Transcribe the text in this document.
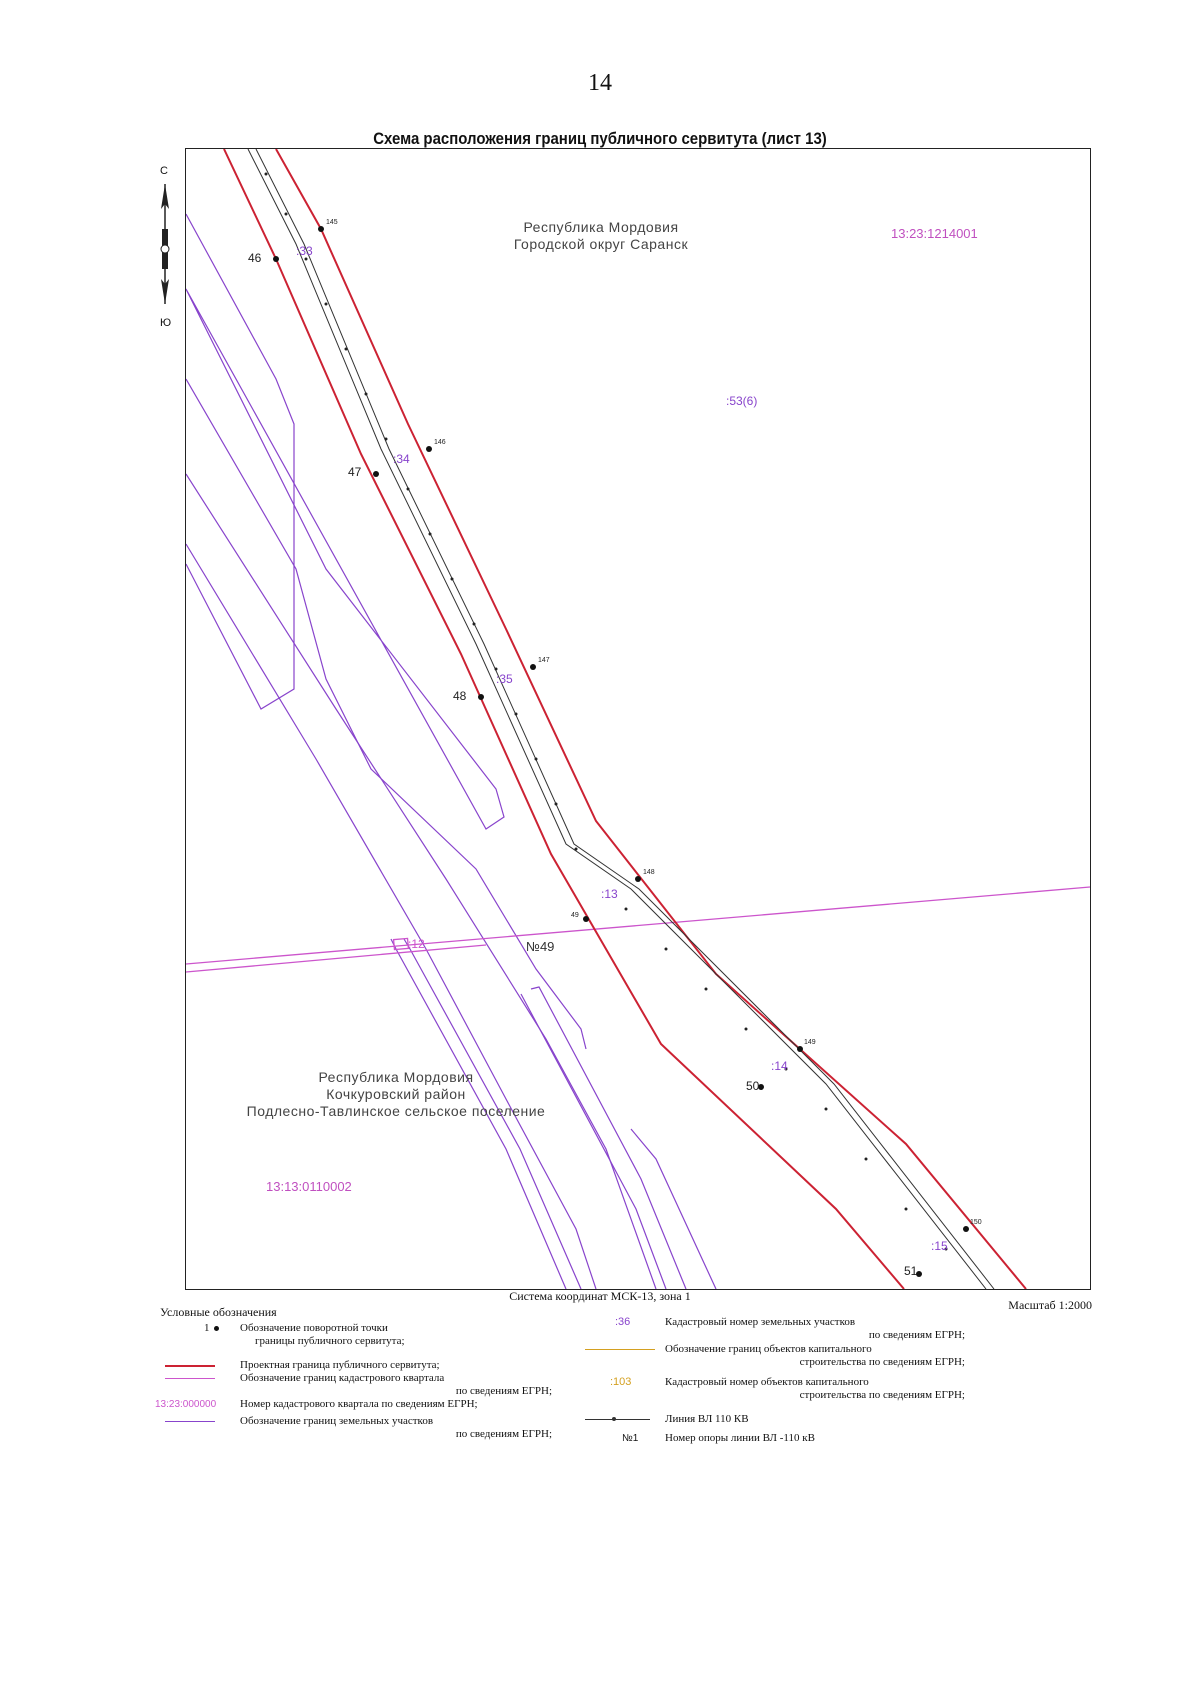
14
Схема расположения границ публичного сервитута (лист 13)
С
Ю
Республика Мордовия
Городской округ Саранск
Республика Мордовия
Кочкуровский район
Подлесно-Тавлинское сельское поселение
13:23:1214001
13:13:0110002
:53(6)
:33
:34
:35
:13
:12
:14
:15
46
145
47
146
48
147
49
148
50
149
51
150
№49
Система координат МСК-13, зона 1
Масштаб 1:2000
Условные обозначения
1	Обозначение поворотной точки
границы публичного сервитута;
Проектная граница публичного сервитута;
Обозначение границ кадастрового квартала
по сведениям ЕГРН;
13:23:000000 Номер кадастрового квартала по сведениям ЕГРН;
Обозначение границ земельных участков
по сведениям ЕГРН;
:36	Кадастровый номер земельных участков
по сведениям ЕГРН;
Обозначение границ объектов капитального
строительства по сведениям ЕГРН;
:103	Кадастровый номер объектов капитального
строительства по сведениям ЕГРН;
Линия ВЛ 110 КВ
№1 Номер опоры линии ВЛ -110 кВ
